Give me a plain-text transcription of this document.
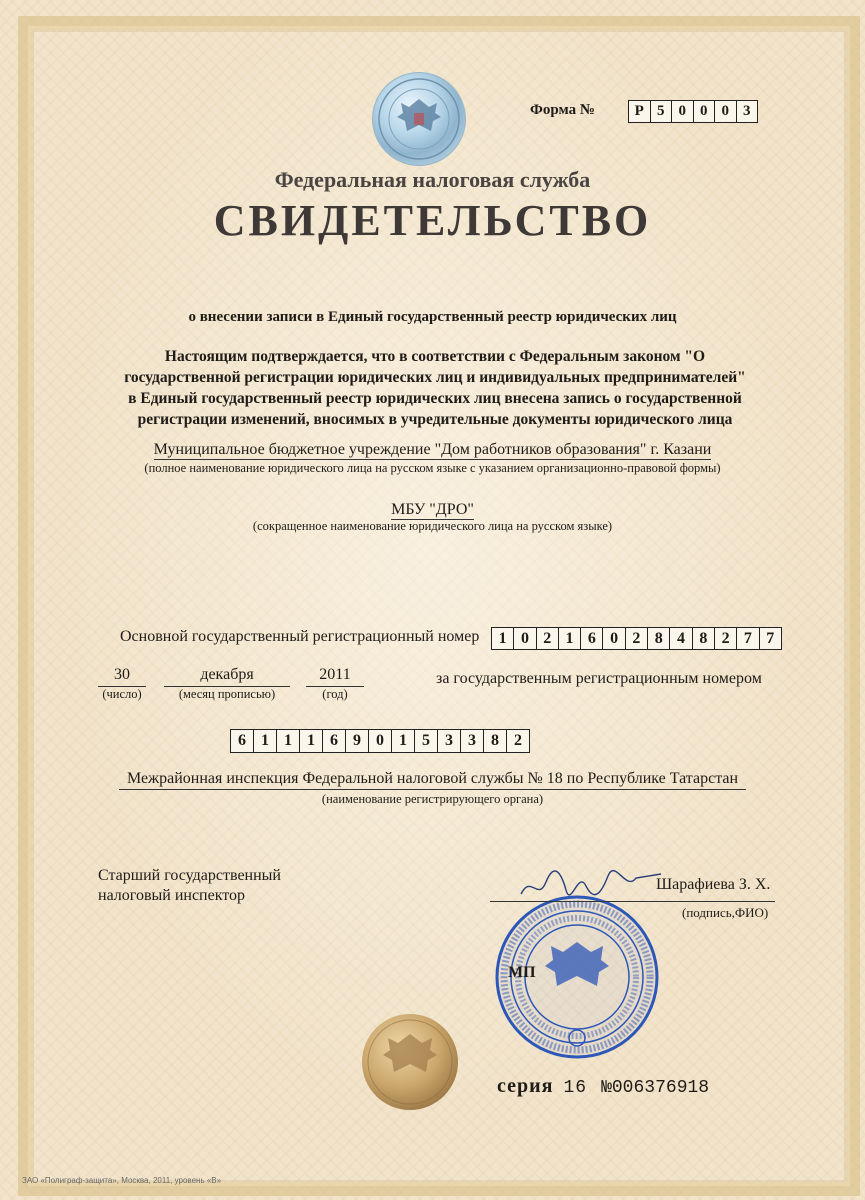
Форма №	Р 5 0 0 0 3
Федеральная налоговая служба
СВИДЕТЕЛЬСТВО
о внесении записи в Единый государственный реестр юридических лиц
Настоящим подтверждается, что в соответствии с Федеральным законом "О
государственной регистрации юридических лиц и индивидуальных предпринимателей"
в Единый государственный реестр юридических лиц внесена запись о государственной
регистрации изменений, вносимых в учредительные документы юридического лица
Муниципальное бюджетное учреждение "Дом работников образования" г. Казани
(полное наименование юридического лица на русском языке с указанием организационно-правовой формы)
МБУ "ДРО"
(сокращенное наименование юридического лица на русском языке)
Основной государственный регистрационный номер	1 0 2 1 6 0 2 8 4 8 2 7 7
30
(число)
декабря
(месяц прописью)
2011
(год)
за государственным регистрационным номером
6 1 1 1 6 9 0 1 5 3 3 8 2
Межрайонная инспекция Федеральной налоговой службы № 18 по Республике Татарстан
(наименование регистрирующего органа)
Старший государственный
налоговый инспектор
Шарафиева З. Х.
(подпись,ФИО)
МП
серия 16 №006376918
ЗАО «Полиграф-защита», Москва, 2011, уровень «В»
